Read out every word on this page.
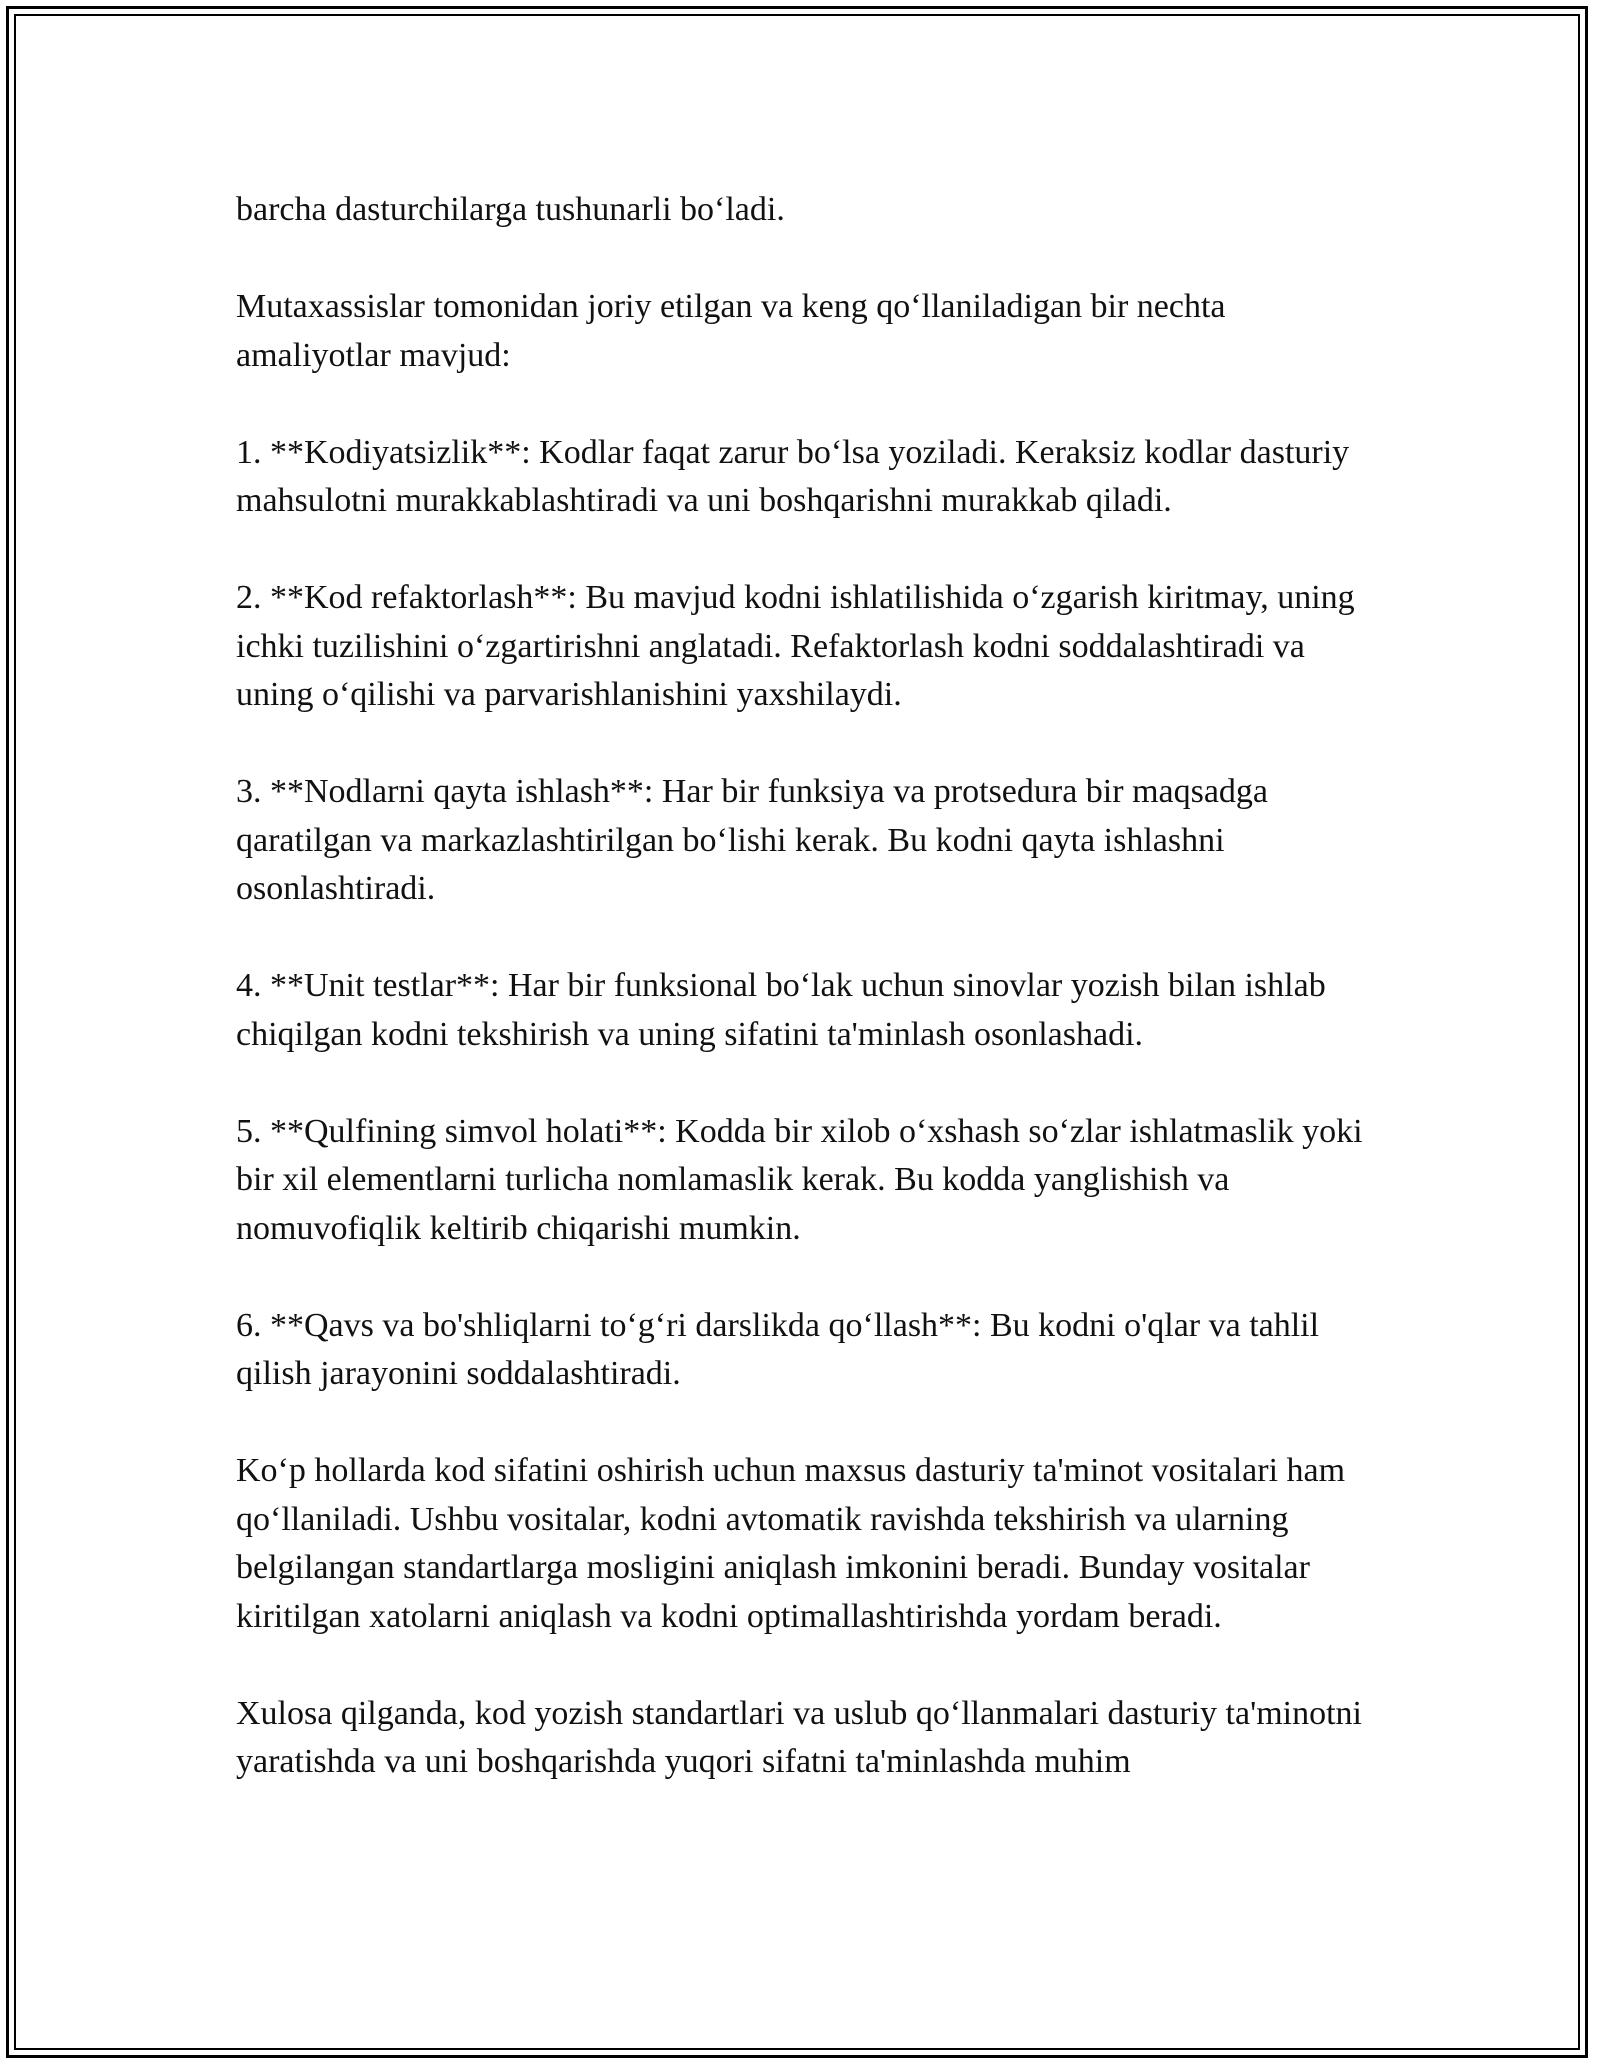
barcha dasturchilarga tushunarli bo‘ladi.

Mutaxassislar tomonidan joriy etilgan va keng qo‘llaniladigan bir nechta amaliyotlar mavjud:

1. **Kodiyatsizlik**: Kodlar faqat zarur bo‘lsa yoziladi. Keraksiz kodlar dasturiy mahsulotni murakkablashtiradi va uni boshqarishni murakkab qiladi.

2. **Kod refaktorlash**: Bu mavjud kodni ishlatilishida o‘zgarish kiritmay, uning ichki tuzilishini o‘zgartirishni anglatadi. Refaktorlash kodni soddalashtiradi va uning o‘qilishi va parvarishlanishini yaxshilaydi.

3. **Nodlarni qayta ishlash**: Har bir funksiya va protsedura bir maqsadga qaratilgan va markazlashtirilgan bo‘lishi kerak. Bu kodni qayta ishlashni osonlashtiradi.

4. **Unit testlar**: Har bir funksional bo‘lak uchun sinovlar yozish bilan ishlab chiqilgan kodni tekshirish va uning sifatini ta'minlash osonlashadi.

5. **Qulfining simvol holati**: Kodda bir xilob o‘xshash so‘zlar ishlatmaslik yoki bir xil elementlarni turlicha nomlamaslik kerak. Bu kodda yanglishish va nomuvofiqlik keltirib chiqarishi mumkin.

6. **Qavs va bo'shliqlarni to‘g‘ri darslikda qo‘llash**: Bu kodni o'qlar va tahlil qilish jarayonini soddalashtiradi.

Ko‘p hollarda kod sifatini oshirish uchun maxsus dasturiy ta'minot vositalari ham qo‘llaniladi. Ushbu vositalar, kodni avtomatik ravishda tekshirish va ularning belgilangan standartlarga mosligini aniqlash imkonini beradi. Bunday vositalar kiritilgan xatolarni aniqlash va kodni optimallashtirishda yordam beradi.

Xulosa qilganda, kod yozish standartlari va uslub qo‘llanmalari dasturiy ta'minotni yaratishda va uni boshqarishda yuqori sifatni ta'minlashda muhim
